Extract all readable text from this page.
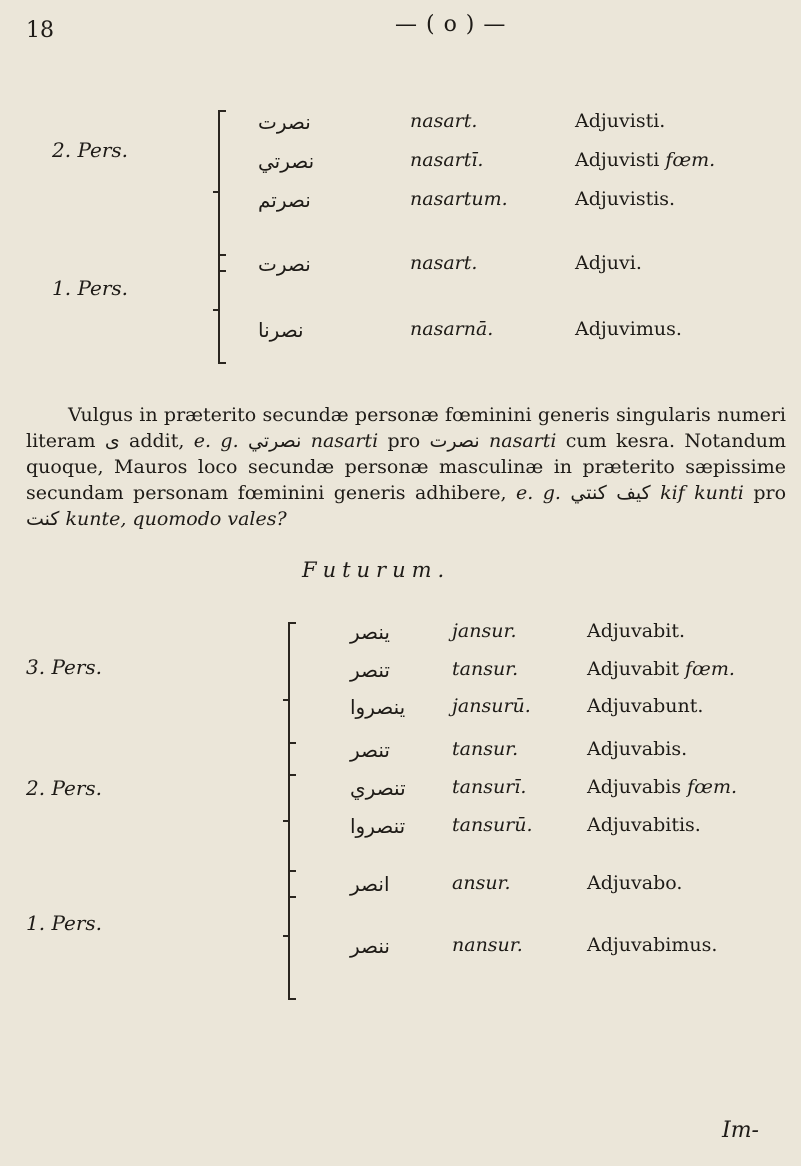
18	— ( o ) —
2. Pers.
نصرت	nasart.	Adjuvisti.
نصرتي	nasartī.	Adjuvisti fœm.
نصرتم	nasartum.	Adjuvistis.
1. Pers.
نصرت	nasart.	Adjuvi.
نصرنا	nasarnā.	Adjuvimus.

Vulgus in præterito secundæ personæ fœminini generis singularis numeri literam ى addit, e. g. نصرتي nasarti pro نصرت nasarti cum kesra. Notandum quoque, Mauros loco secundæ personæ masculinæ in præterito sæpissime secundam personam fœminini generis adhibere, e. g. كيف كنتي kif kunti pro كنت kunte, quomodo vales?

Futurum.
3. Pers.
ينصر	jansur.	Adjuvabit.
تنصر	tansur.	Adjuvabit fœm.
ينصروا jansurū.	Adjuvabunt.
2. Pers.
تنصر	tansur.	Adjuvabis.
تنصري tansurī.	Adjuvabis fœm.
تنصروا tansurū.	Adjuvabitis.
1. Pers.
انصر	ansur.	Adjuvabo.
ننصر	nansur.	Adjuvabimus.
Im-
